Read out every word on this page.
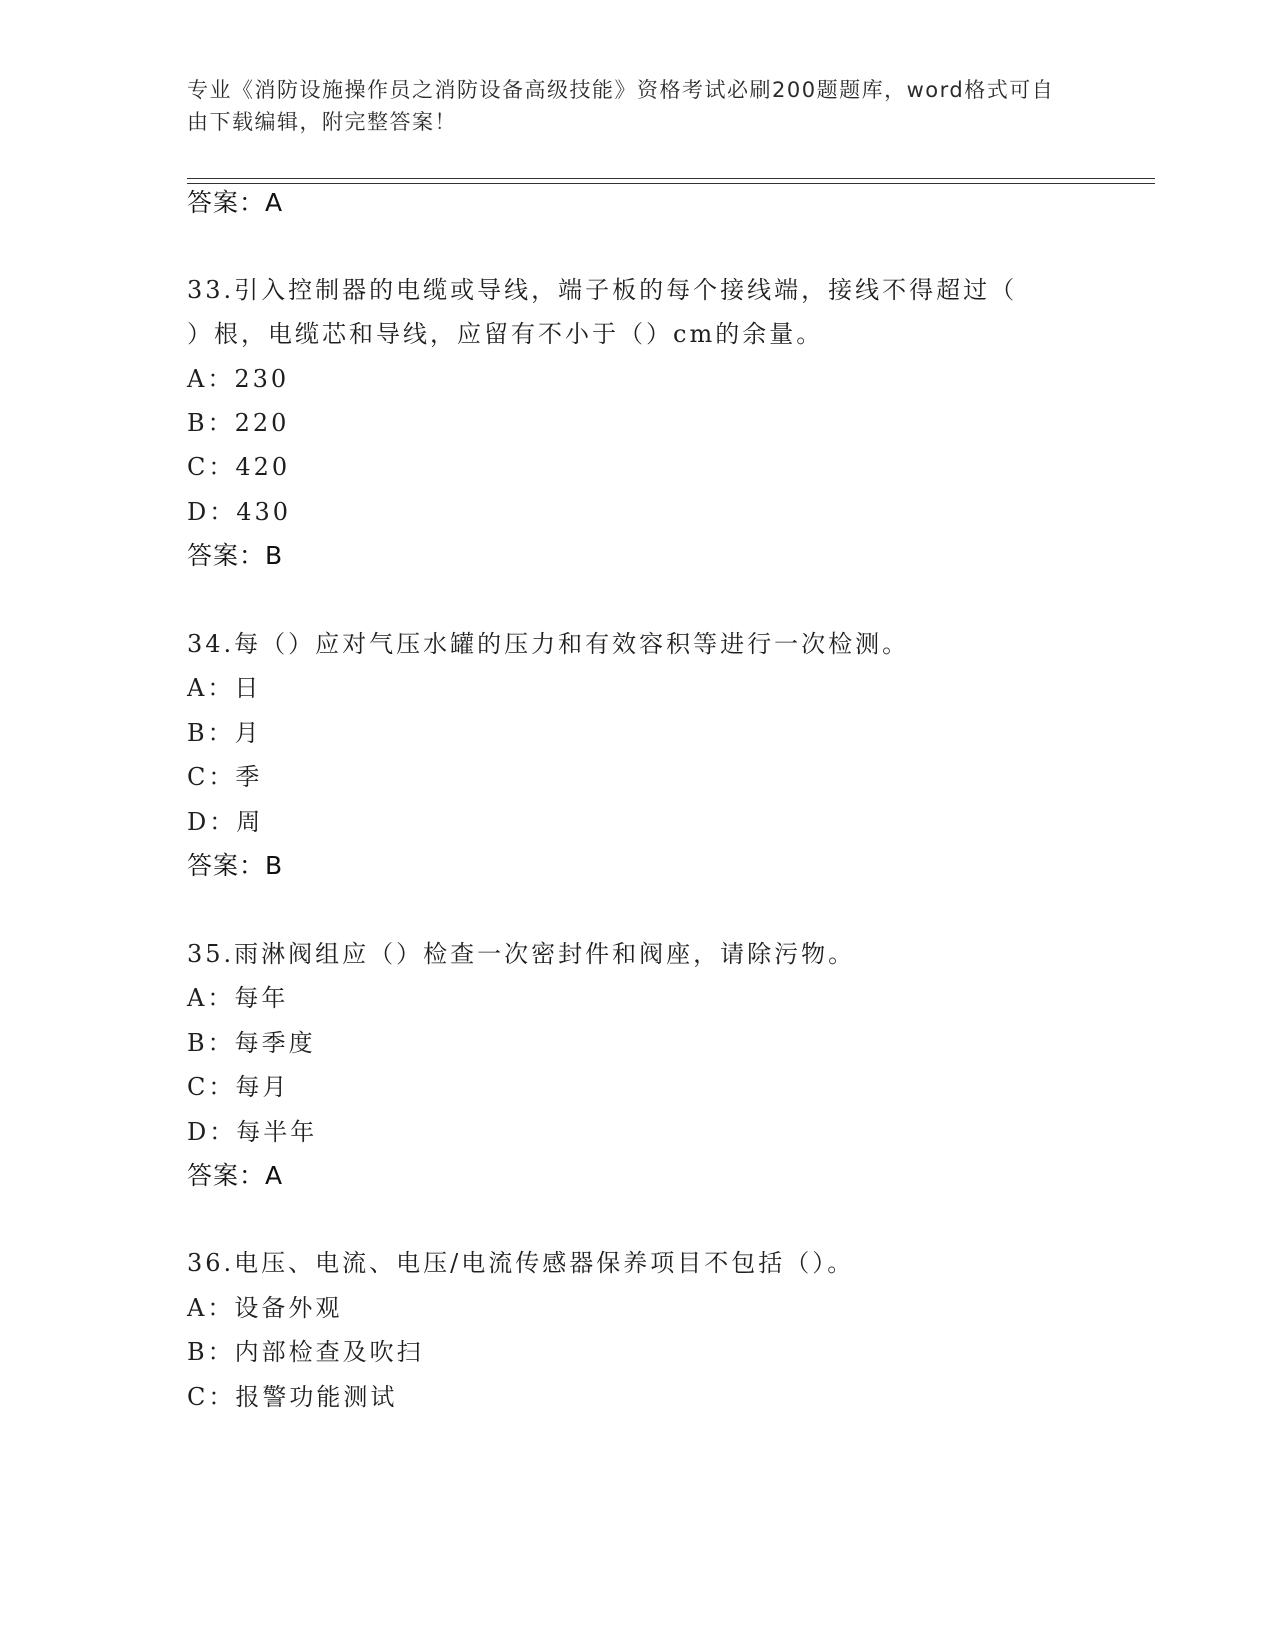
专业《消防设施操作员之消防设备高级技能》资格考试必刷200题题库，word格式可自由下载编辑，附完整答案！
答案：A
33.引入控制器的电缆或导线，端子板的每个接线端，接线不得超过（
）根，电缆芯和导线，应留有不小于（）cm的余量。
A：230
B：220
C：420
D：430
答案：B
34.每（）应对气压水罐的压力和有效容积等进行一次检测。
A：日
B：月
C：季
D：周
答案：B
35.雨淋阀组应（）检查一次密封件和阀座，请除污物。
A：每年
B：每季度
C：每月
D：每半年
答案：A
36.电压、电流、电压/电流传感器保养项目不包括（）。
A：设备外观
B：内部检查及吹扫
C：报警功能测试
